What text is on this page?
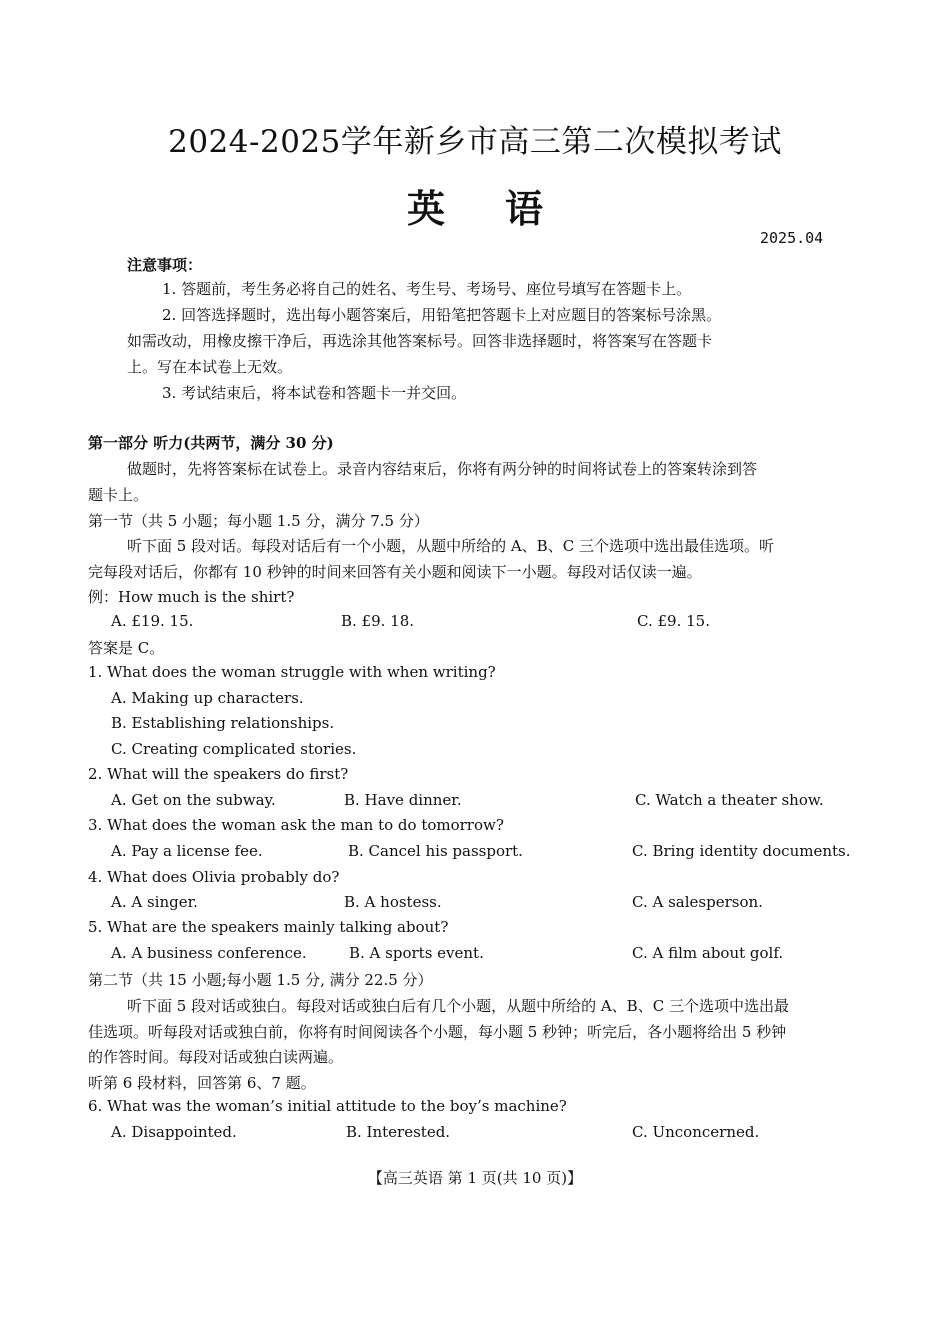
2024-2025学年新乡市高三第二次模拟考试
英语
2025.04
注意事项：
1. 答题前，考生务必将自己的姓名、考生号、考场号、座位号填写在答题卡上。
2. 回答选择题时，选出每小题答案后，用铅笔把答题卡上对应题目的答案标号涂黑。
如需改动，用橡皮擦干净后，再选涂其他答案标号。回答非选择题时，将答案写在答题卡
上。写在本试卷上无效。
3. 考试结束后，将本试卷和答题卡一并交回。
第一部分 听力(共两节，满分 30 分)
做题时，先将答案标在试卷上。录音内容结束后，你将有两分钟的时间将试卷上的答案转涂到答
题卡上。
第一节（共 5 小题；每小题 1.5 分，满分 7.5 分）
听下面 5 段对话。每段对话后有一个小题，从题中所给的 A、B、C 三个选项中选出最佳选项。听
完每段对话后，你都有 10 秒钟的时间来回答有关小题和阅读下一小题。每段对话仅读一遍。
例：How much is the shirt?
A. £19. 15.	B. £9. 18.	C. £9. 15.
答案是 C。
1. What does the woman struggle with when writing?
A. Making up characters.
B. Establishing relationships.
C. Creating complicated stories.
2. What will the speakers do first?
A. Get on the subway.	B. Have dinner.	C. Watch a theater show.
3. What does the woman ask the man to do tomorrow?
A. Pay a license fee.	B. Cancel his passport.	C. Bring identity documents.
4. What does Olivia probably do?
A. A singer.	B. A hostess.	C. A salesperson.
5. What are the speakers mainly talking about?
A. A business conference.	B. A sports event.	C. A film about golf.
第二节（共 15 小题;每小题 1.5 分, 满分 22.5 分）
听下面 5 段对话或独白。每段对话或独白后有几个小题，从题中所给的 A、B、C 三个选项中选出最
佳选项。听每段对话或独白前，你将有时间阅读各个小题，每小题 5 秒钟；听完后，各小题将给出 5 秒钟
的作答时间。每段对话或独白读两遍。
听第 6 段材料，回答第 6、7 题。
6. What was the woman’s initial attitude to the boy’s machine?
A. Disappointed.	B. Interested.	C. Unconcerned.
【高三英语 第 1 页(共 10 页)】
